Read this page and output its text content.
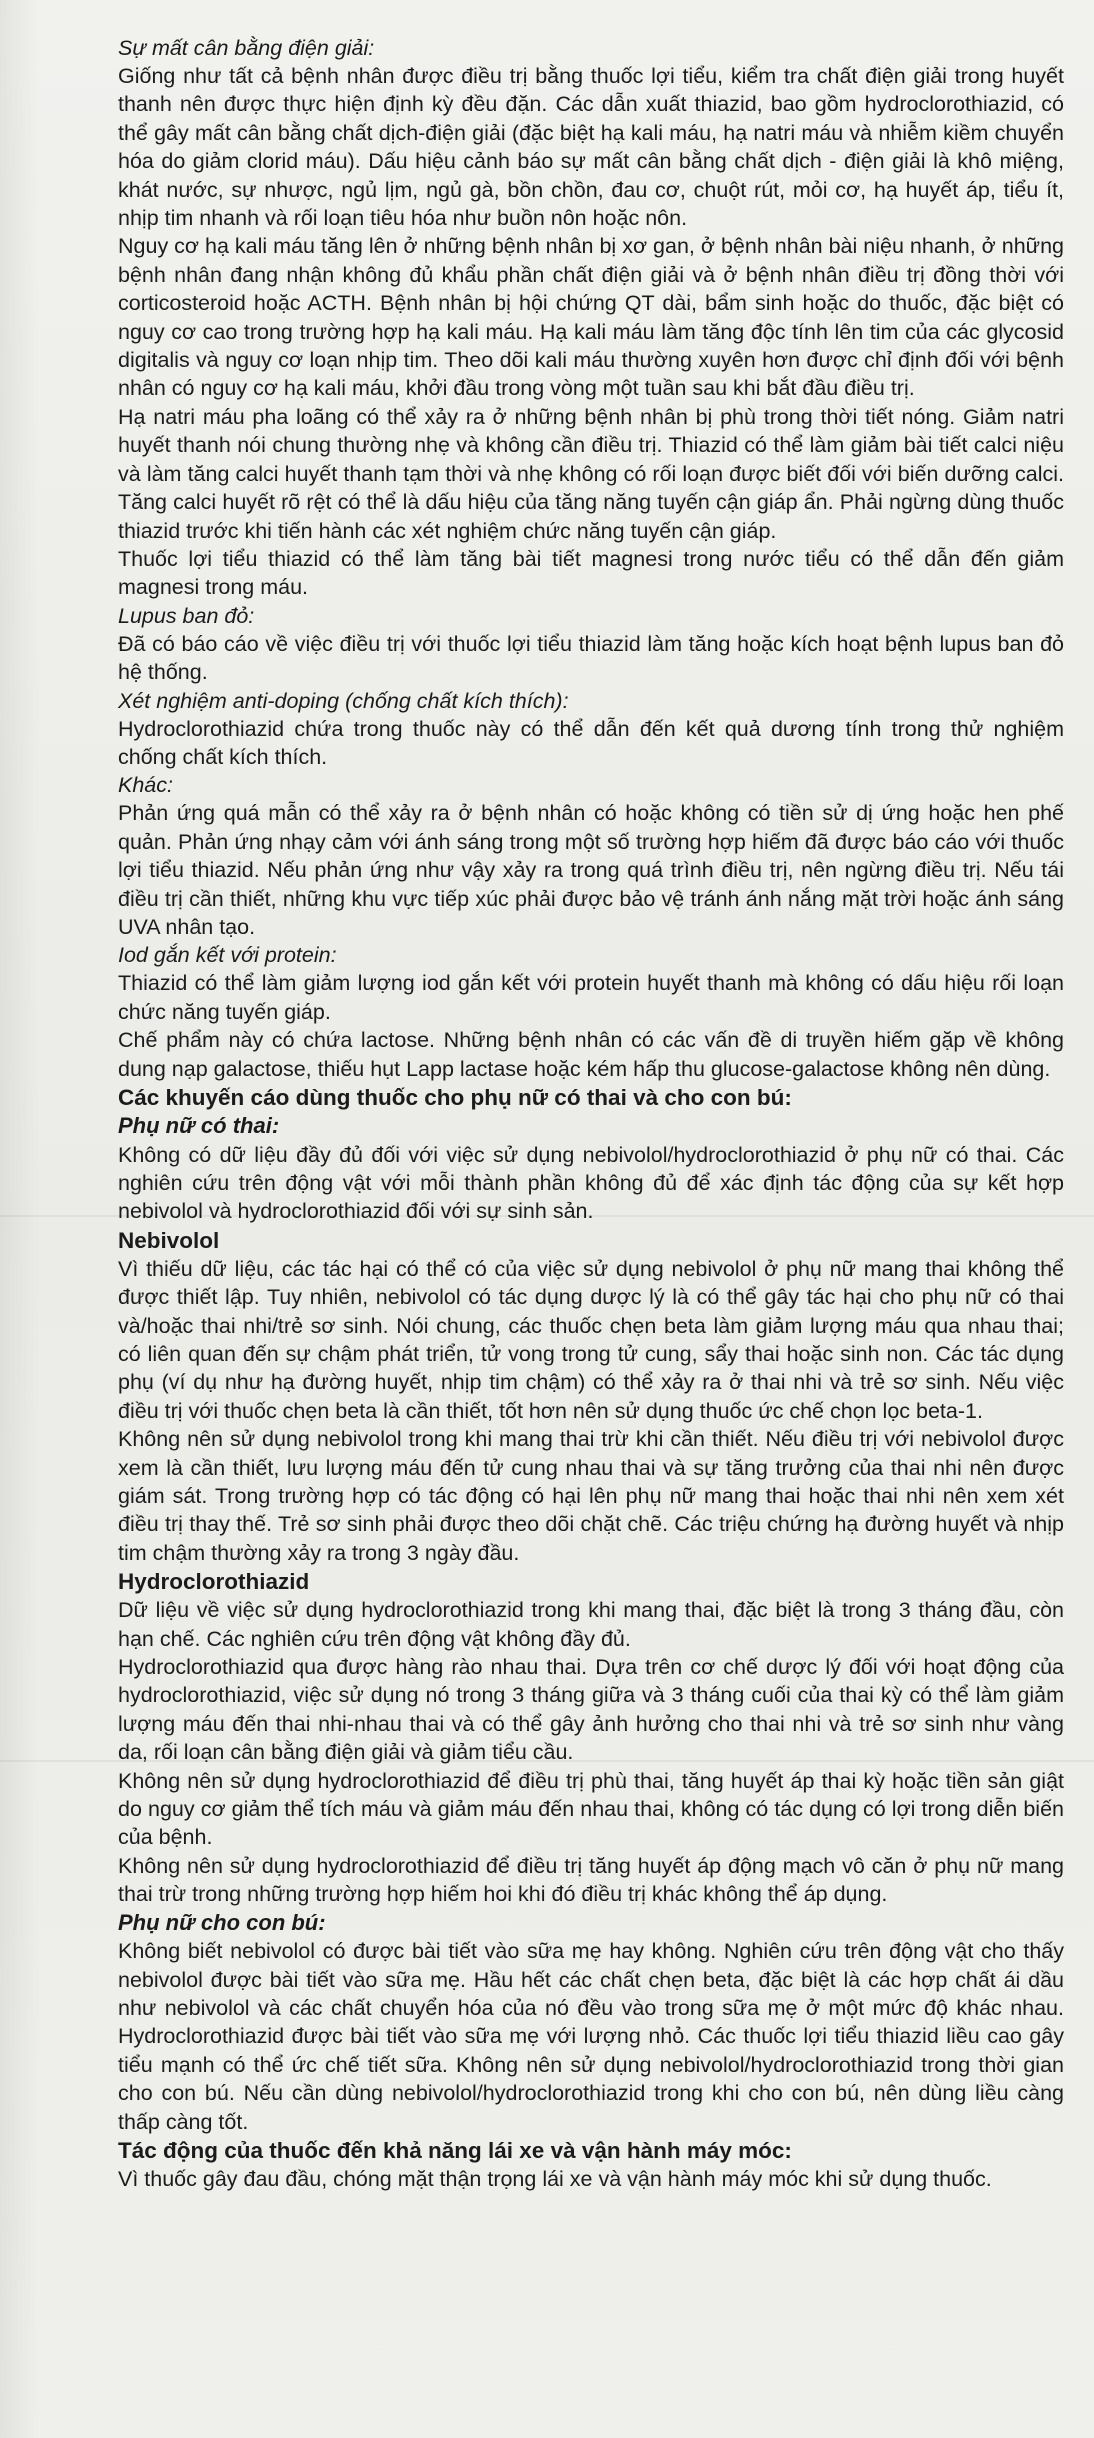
Sự mất cân bằng điện giải:

Giống như tất cả bệnh nhân được điều trị bằng thuốc lợi tiểu, kiểm tra chất điện giải trong huyết thanh nên được thực hiện định kỳ đều đặn. Các dẫn xuất thiazid, bao gồm hydroclorothiazid, có thể gây mất cân bằng chất dịch-điện giải (đặc biệt hạ kali máu, hạ natri máu và nhiễm kiềm chuyển hóa do giảm clorid máu). Dấu hiệu cảnh báo sự mất cân bằng chất dịch - điện giải là khô miệng, khát nước, sự nhược, ngủ lịm, ngủ gà, bồn chồn, đau cơ, chuột rút, mỏi cơ, hạ huyết áp, tiểu ít, nhịp tim nhanh và rối loạn tiêu hóa như buồn nôn hoặc nôn.

Nguy cơ hạ kali máu tăng lên ở những bệnh nhân bị xơ gan, ở bệnh nhân bài niệu nhanh, ở những bệnh nhân đang nhận không đủ khẩu phần chất điện giải và ở bệnh nhân điều trị đồng thời với corticosteroid hoặc ACTH. Bệnh nhân bị hội chứng QT dài, bẩm sinh hoặc do thuốc, đặc biệt có nguy cơ cao trong trường hợp hạ kali máu. Hạ kali máu làm tăng độc tính lên tim của các glycosid digitalis và nguy cơ loạn nhịp tim. Theo dõi kali máu thường xuyên hơn được chỉ định đối với bệnh nhân có nguy cơ hạ kali máu, khởi đầu trong vòng một tuần sau khi bắt đầu điều trị.

Hạ natri máu pha loãng có thể xảy ra ở những bệnh nhân bị phù trong thời tiết nóng. Giảm natri huyết thanh nói chung thường nhẹ và không cần điều trị. Thiazid có thể làm giảm bài tiết calci niệu và làm tăng calci huyết thanh tạm thời và nhẹ không có rối loạn được biết đối với biến dưỡng calci. Tăng calci huyết rõ rệt có thể là dấu hiệu của tăng năng tuyến cận giáp ẩn. Phải ngừng dùng thuốc thiazid trước khi tiến hành các xét nghiệm chức năng tuyến cận giáp.

Thuốc lợi tiểu thiazid có thể làm tăng bài tiết magnesi trong nước tiểu có thể dẫn đến giảm magnesi trong máu.

Lupus ban đỏ:

Đã có báo cáo về việc điều trị với thuốc lợi tiểu thiazid làm tăng hoặc kích hoạt bệnh lupus ban đỏ hệ thống.

Xét nghiệm anti-doping (chống chất kích thích):

Hydroclorothiazid chứa trong thuốc này có thể dẫn đến kết quả dương tính trong thử nghiệm chống chất kích thích.

Khác:

Phản ứng quá mẫn có thể xảy ra ở bệnh nhân có hoặc không có tiền sử dị ứng hoặc hen phế quản. Phản ứng nhạy cảm với ánh sáng trong một số trường hợp hiếm đã được báo cáo với thuốc lợi tiểu thiazid. Nếu phản ứng như vậy xảy ra trong quá trình điều trị, nên ngừng điều trị. Nếu tái điều trị cần thiết, những khu vực tiếp xúc phải được bảo vệ tránh ánh nắng mặt trời hoặc ánh sáng UVA nhân tạo.

Iod gắn kết với protein:

Thiazid có thể làm giảm lượng iod gắn kết với protein huyết thanh mà không có dấu hiệu rối loạn chức năng tuyến giáp.

Chế phẩm này có chứa lactose. Những bệnh nhân có các vấn đề di truyền hiếm gặp về không dung nạp galactose, thiếu hụt Lapp lactase hoặc kém hấp thu glucose-galactose không nên dùng.

Các khuyến cáo dùng thuốc cho phụ nữ có thai và cho con bú:

Phụ nữ có thai:

Không có dữ liệu đầy đủ đối với việc sử dụng nebivolol/hydroclorothiazid ở phụ nữ có thai. Các nghiên cứu trên động vật với mỗi thành phần không đủ để xác định tác động của sự kết hợp nebivolol và hydroclorothiazid đối với sự sinh sản.

Nebivolol

Vì thiếu dữ liệu, các tác hại có thể có của việc sử dụng nebivolol ở phụ nữ mang thai không thể được thiết lập. Tuy nhiên, nebivolol có tác dụng dược lý là có thể gây tác hại cho phụ nữ có thai và/hoặc thai nhi/trẻ sơ sinh. Nói chung, các thuốc chẹn beta làm giảm lượng máu qua nhau thai; có liên quan đến sự chậm phát triển, tử vong trong tử cung, sẩy thai hoặc sinh non. Các tác dụng phụ (ví dụ như hạ đường huyết, nhịp tim chậm) có thể xảy ra ở thai nhi và trẻ sơ sinh. Nếu việc điều trị với thuốc chẹn beta là cần thiết, tốt hơn nên sử dụng thuốc ức chế chọn lọc beta-1.

Không nên sử dụng nebivolol trong khi mang thai trừ khi cần thiết. Nếu điều trị với nebivolol được xem là cần thiết, lưu lượng máu đến tử cung nhau thai và sự tăng trưởng của thai nhi nên được giám sát. Trong trường hợp có tác động có hại lên phụ nữ mang thai hoặc thai nhi nên xem xét điều trị thay thế. Trẻ sơ sinh phải được theo dõi chặt chẽ. Các triệu chứng hạ đường huyết và nhịp tim chậm thường xảy ra trong 3 ngày đầu.

Hydroclorothiazid

Dữ liệu về việc sử dụng hydroclorothiazid trong khi mang thai, đặc biệt là trong 3 tháng đầu, còn hạn chế. Các nghiên cứu trên động vật không đầy đủ.

Hydroclorothiazid qua được hàng rào nhau thai. Dựa trên cơ chế dược lý đối với hoạt động của hydroclorothiazid, việc sử dụng nó trong 3 tháng giữa và 3 tháng cuối của thai kỳ có thể làm giảm lượng máu đến thai nhi-nhau thai và có thể gây ảnh hưởng cho thai nhi và trẻ sơ sinh như vàng da, rối loạn cân bằng điện giải và giảm tiểu cầu.

Không nên sử dụng hydroclorothiazid để điều trị phù thai, tăng huyết áp thai kỳ hoặc tiền sản giật do nguy cơ giảm thể tích máu và giảm máu đến nhau thai, không có tác dụng có lợi trong diễn biến của bệnh.

Không nên sử dụng hydroclorothiazid để điều trị tăng huyết áp động mạch vô căn ở phụ nữ mang thai trừ trong những trường hợp hiếm hoi khi đó điều trị khác không thể áp dụng.

Phụ nữ cho con bú:

Không biết nebivolol có được bài tiết vào sữa mẹ hay không. Nghiên cứu trên động vật cho thấy nebivolol được bài tiết vào sữa mẹ. Hầu hết các chất chẹn beta, đặc biệt là các hợp chất ái dầu như nebivolol và các chất chuyển hóa của nó đều vào trong sữa mẹ ở một mức độ khác nhau. Hydroclorothiazid được bài tiết vào sữa mẹ với lượng nhỏ. Các thuốc lợi tiểu thiazid liều cao gây tiểu mạnh có thể ức chế tiết sữa. Không nên sử dụng nebivolol/hydroclorothiazid trong thời gian cho con bú. Nếu cần dùng nebivolol/hydroclorothiazid trong khi cho con bú, nên dùng liều càng thấp càng tốt.

Tác động của thuốc đến khả năng lái xe và vận hành máy móc:

Vì thuốc gây đau đầu, chóng mặt thận trọng lái xe và vận hành máy móc khi sử dụng thuốc.
